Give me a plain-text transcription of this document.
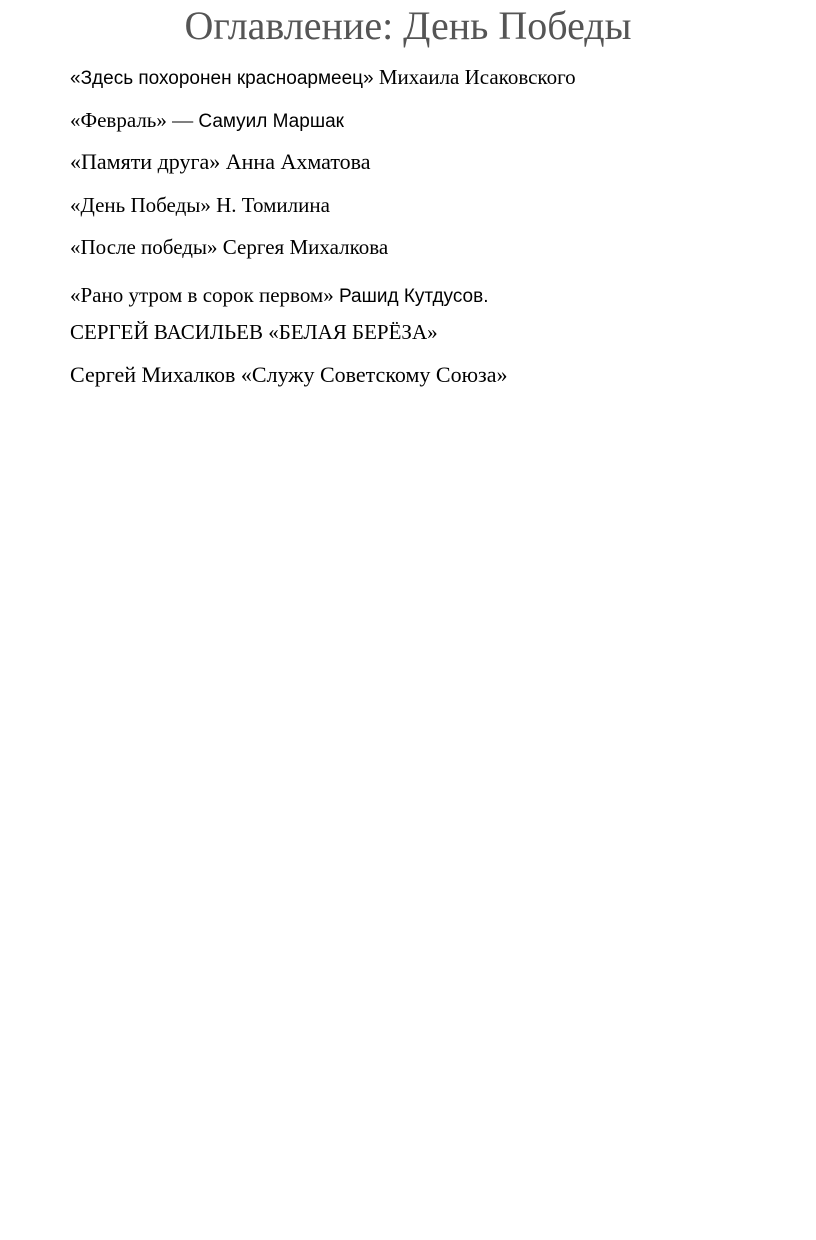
Оглавление: День Победы
«Здесь похоронен красноармеец» Михаила Исаковского
«Февраль» — Самуил Маршак
«Памяти друга» Анна Ахматова
«День Победы» Н. Томилина
«После победы» Сергея Михалкова
«Рано утром в сорок первом» Рашид Кутдусов.
СЕРГЕЙ ВАСИЛЬЕВ «БЕЛАЯ БЕРЁЗА»
Сергей Михалков «Служу Советскому Союза»
